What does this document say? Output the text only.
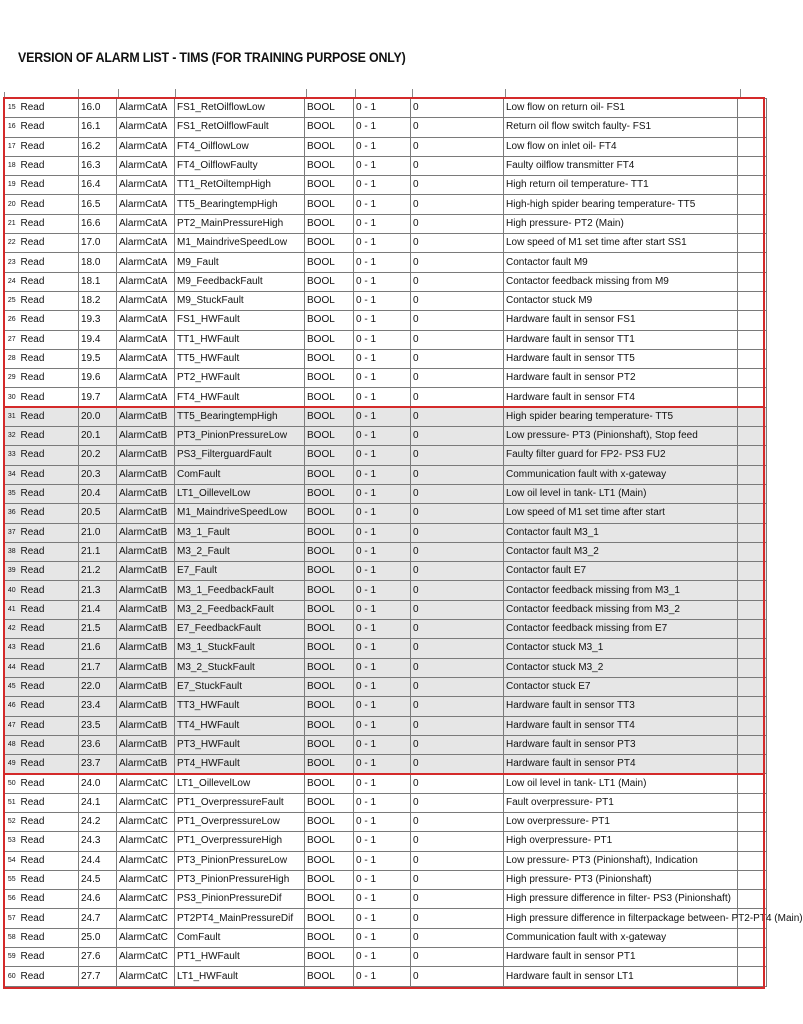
VERSION OF ALARM LIST - TIMS (FOR TRAINING PURPOSE ONLY)
15	Read	16.0	AlarmCatA	FS1_RetOilflowLow	BOOL	0 - 1	0	Low flow on return oil- FS1	
16	Read	16.1	AlarmCatA	FS1_RetOilflowFault	BOOL	0 - 1	0	Return oil flow switch faulty- FS1	
17	Read	16.2	AlarmCatA	FT4_OilflowLow	BOOL	0 - 1	0	Low flow on inlet oil- FT4	
18	Read	16.3	AlarmCatA	FT4_OilflowFaulty	BOOL	0 - 1	0	Faulty oilflow transmitter FT4	
19	Read	16.4	AlarmCatA	TT1_RetOiltempHigh	BOOL	0 - 1	0	High return oil temperature- TT1	
20	Read	16.5	AlarmCatA	TT5_BearingtempHigh	BOOL	0 - 1	0	High-high spider bearing temperature- TT5	
21	Read	16.6	AlarmCatA	PT2_MainPressureHigh	BOOL	0 - 1	0	High pressure- PT2 (Main)	
22	Read	17.0	AlarmCatA	M1_MaindriveSpeedLow	BOOL	0 - 1	0	Low speed of M1 set time after start SS1	
23	Read	18.0	AlarmCatA	M9_Fault	BOOL	0 - 1	0	Contactor fault M9	
24	Read	18.1	AlarmCatA	M9_FeedbackFault	BOOL	0 - 1	0	Contactor feedback missing from M9	
25	Read	18.2	AlarmCatA	M9_StuckFault	BOOL	0 - 1	0	Contactor stuck M9	
26	Read	19.3	AlarmCatA	FS1_HWFault	BOOL	0 - 1	0	Hardware fault in sensor FS1	
27	Read	19.4	AlarmCatA	TT1_HWFault	BOOL	0 - 1	0	Hardware fault in sensor TT1	
28	Read	19.5	AlarmCatA	TT5_HWFault	BOOL	0 - 1	0	Hardware fault in sensor TT5	
29	Read	19.6	AlarmCatA	PT2_HWFault	BOOL	0 - 1	0	Hardware fault in sensor PT2	
30	Read	19.7	AlarmCatA	FT4_HWFault	BOOL	0 - 1	0	Hardware fault in sensor FT4	
31	Read	20.0	AlarmCatB	TT5_BearingtempHigh	BOOL	0 - 1	0	High spider bearing temperature- TT5	
32	Read	20.1	AlarmCatB	PT3_PinionPressureLow	BOOL	0 - 1	0	Low pressure- PT3 (Pinionshaft), Stop feed	
33	Read	20.2	AlarmCatB	PS3_FilterguardFault	BOOL	0 - 1	0	Faulty filter guard for FP2- PS3 FU2	
34	Read	20.3	AlarmCatB	ComFault	BOOL	0 - 1	0	Communication fault with x-gateway	
35	Read	20.4	AlarmCatB	LT1_OillevelLow	BOOL	0 - 1	0	Low oil level in tank- LT1 (Main)	
36	Read	20.5	AlarmCatB	M1_MaindriveSpeedLow	BOOL	0 - 1	0	Low speed of M1 set time after start	
37	Read	21.0	AlarmCatB	M3_1_Fault	BOOL	0 - 1	0	Contactor fault M3_1	
38	Read	21.1	AlarmCatB	M3_2_Fault	BOOL	0 - 1	0	Contactor fault M3_2	
39	Read	21.2	AlarmCatB	E7_Fault	BOOL	0 - 1	0	Contactor fault E7	
40	Read	21.3	AlarmCatB	M3_1_FeedbackFault	BOOL	0 - 1	0	Contactor feedback missing from M3_1	
41	Read	21.4	AlarmCatB	M3_2_FeedbackFault	BOOL	0 - 1	0	Contactor feedback missing from M3_2	
42	Read	21.5	AlarmCatB	E7_FeedbackFault	BOOL	0 - 1	0	Contactor feedback missing from E7	
43	Read	21.6	AlarmCatB	M3_1_StuckFault	BOOL	0 - 1	0	Contactor stuck M3_1	
44	Read	21.7	AlarmCatB	M3_2_StuckFault	BOOL	0 - 1	0	Contactor stuck M3_2	
45	Read	22.0	AlarmCatB	E7_StuckFault	BOOL	0 - 1	0	Contactor stuck E7	
46	Read	23.4	AlarmCatB	TT3_HWFault	BOOL	0 - 1	0	Hardware fault in sensor TT3	
47	Read	23.5	AlarmCatB	TT4_HWFault	BOOL	0 - 1	0	Hardware fault in sensor TT4	
48	Read	23.6	AlarmCatB	PT3_HWFault	BOOL	0 - 1	0	Hardware fault in sensor PT3	
49	Read	23.7	AlarmCatB	PT4_HWFault	BOOL	0 - 1	0	Hardware fault in sensor PT4	
50	Read	24.0	AlarmCatC	LT1_OillevelLow	BOOL	0 - 1	0	Low oil level in tank- LT1 (Main)	
51	Read	24.1	AlarmCatC	PT1_OverpressureFault	BOOL	0 - 1	0	Fault overpressure- PT1	
52	Read	24.2	AlarmCatC	PT1_OverpressureLow	BOOL	0 - 1	0	Low overpressure- PT1	
53	Read	24.3	AlarmCatC	PT1_OverpressureHigh	BOOL	0 - 1	0	High overpressure- PT1	
54	Read	24.4	AlarmCatC	PT3_PinionPressureLow	BOOL	0 - 1	0	Low pressure- PT3 (Pinionshaft), Indication	
55	Read	24.5	AlarmCatC	PT3_PinionPressureHigh	BOOL	0 - 1	0	High pressure- PT3 (Pinionshaft)	
56	Read	24.6	AlarmCatC	PS3_PinionPressureDif	BOOL	0 - 1	0	High pressure difference in filter- PS3 (Pinionshaft)	
57	Read	24.7	AlarmCatC	PT2PT4_MainPressureDif	BOOL	0 - 1	0	High pressure difference in filterpackage between- PT2-PT4 (Main)	
58	Read	25.0	AlarmCatC	ComFault	BOOL	0 - 1	0	Communication fault with x-gateway	
59	Read	27.6	AlarmCatC	PT1_HWFault	BOOL	0 - 1	0	Hardware fault in sensor PT1	
60	Read	27.7	AlarmCatC	LT1_HWFault	BOOL	0 - 1	0	Hardware fault in sensor LT1	
